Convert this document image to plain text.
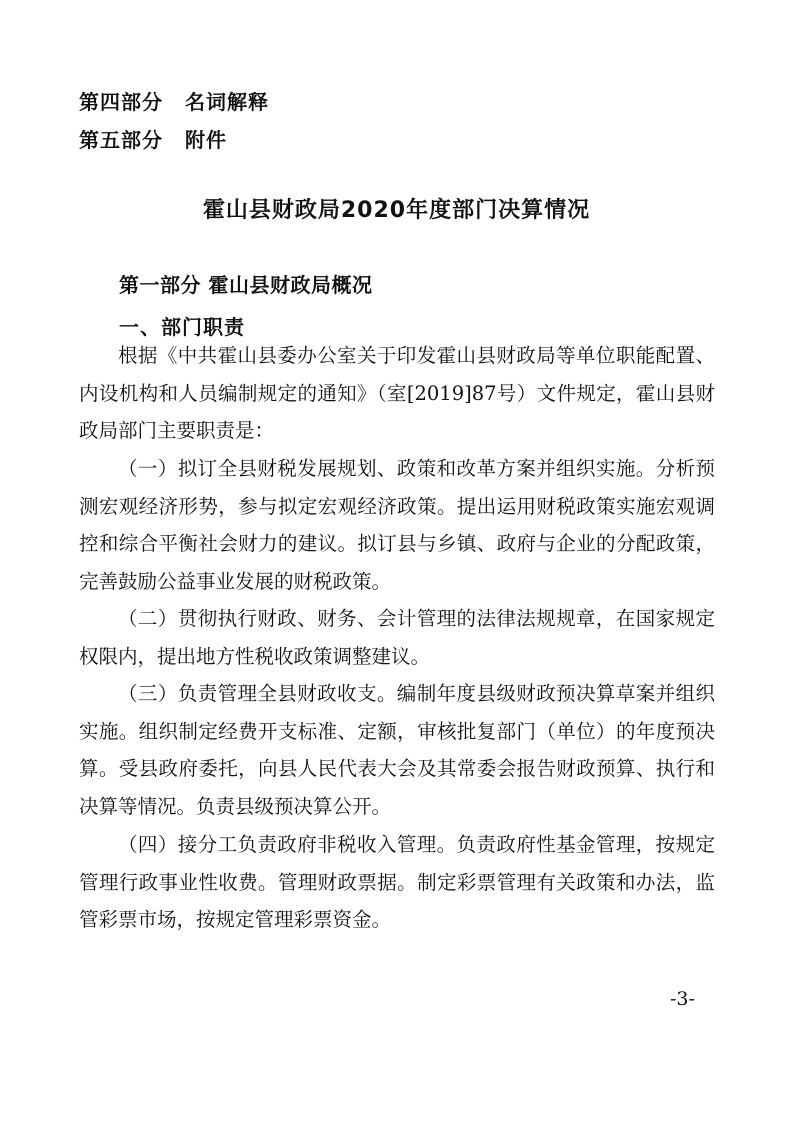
第四部分 名词解释
第五部分 附件
霍山县财政局2020年度部门决算情况
第一部分 霍山县财政局概况
一、部门职责

根据《中共霍山县委办公室关于印发霍山县财政局等单位职能配置、内设机构和人员编制规定的通知》（室[2019]87号）文件规定，霍山县财政局部门主要职责是：

（一）拟订全县财税发展规划、政策和改革方案并组织实施。分析预测宏观经济形势，参与拟定宏观经济政策。提出运用财税政策实施宏观调控和综合平衡社会财力的建议。拟订县与乡镇、政府与企业的分配政策，完善鼓励公益事业发展的财税政策。

（二）贯彻执行财政、财务、会计管理的法律法规规章，在国家规定权限内，提出地方性税收政策调整建议。

（三）负责管理全县财政收支。编制年度县级财政预决算草案并组织实施。组织制定经费开支标准、定额，审核批复部门（单位）的年度预决算。受县政府委托，向县人民代表大会及其常委会报告财政预算、执行和决算等情况。负责县级预决算公开。

（四）接分工负责政府非税收入管理。负责政府性基金管理，按规定管理行政事业性收费。管理财政票据。制定彩票管理有关政策和办法，监管彩票市场，按规定管理彩票资金。

-3-
